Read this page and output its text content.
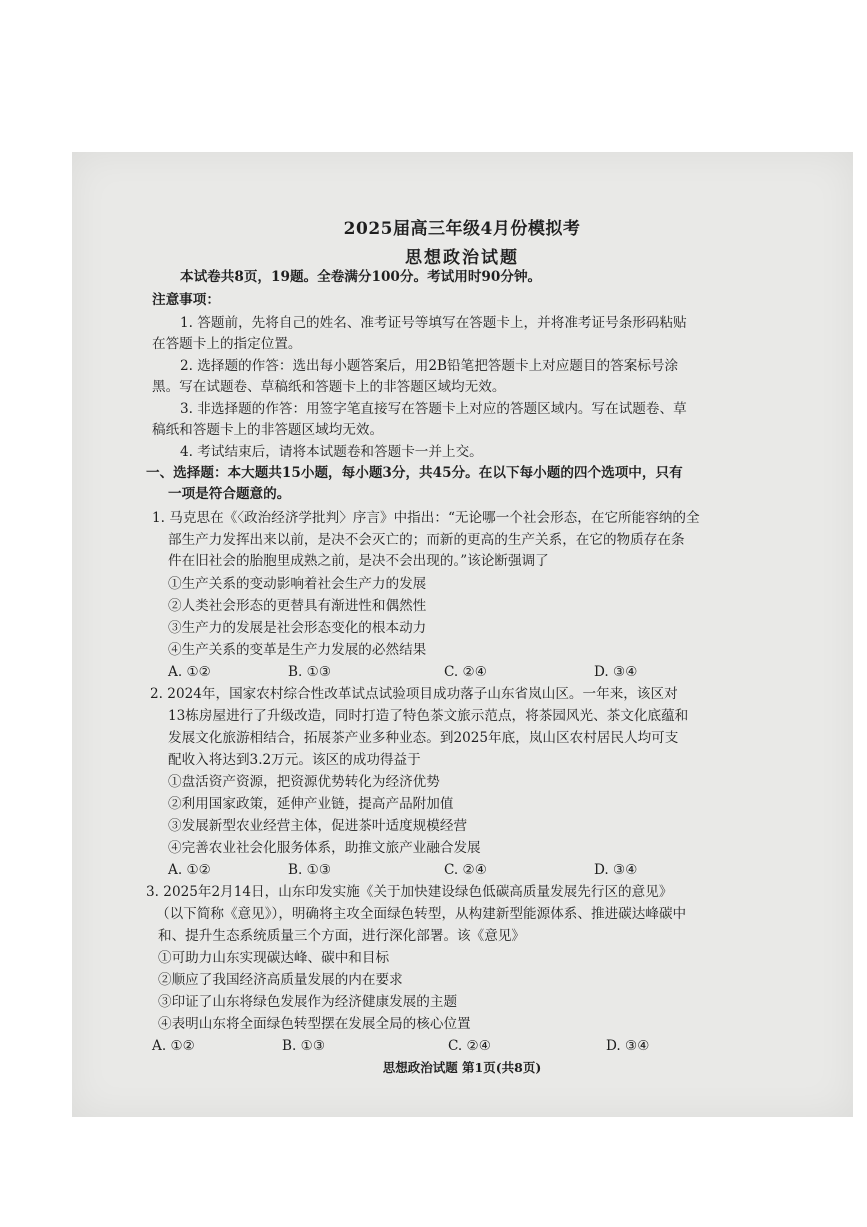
2025届高三年级4月份模拟考
思想政治试题
本试卷共8页，19题。全卷满分100分。考试用时90分钟。
注意事项：
1. 答题前，先将自己的姓名、准考证号等填写在答题卡上，并将准考证号条形码粘贴
在答题卡上的指定位置。
2. 选择题的作答：选出每小题答案后，用2B铅笔把答题卡上对应题目的答案标号涂
黑。写在试题卷、草稿纸和答题卡上的非答题区域均无效。
3. 非选择题的作答：用签字笔直接写在答题卡上对应的答题区域内。写在试题卷、草
稿纸和答题卡上的非答题区域均无效。
4. 考试结束后，请将本试题卷和答题卡一并上交。
一、选择题：本大题共15小题，每小题3分，共45分。在以下每小题的四个选项中，只有
一项是符合题意的。
1. 马克思在《〈政治经济学批判〉序言》中指出：“无论哪一个社会形态，在它所能容纳的全
部生产力发挥出来以前，是决不会灭亡的；而新的更高的生产关系，在它的物质存在条
件在旧社会的胎胞里成熟之前，是决不会出现的。”该论断强调了
①生产关系的变动影响着社会生产力的发展
②人类社会形态的更替具有渐进性和偶然性
③生产力的发展是社会形态变化的根本动力
④生产关系的变革是生产力发展的必然结果
A. ①②	B. ①③	C. ②④	D. ③④
2. 2024年，国家农村综合性改革试点试验项目成功落子山东省岚山区。一年来，该区对
13栋房屋进行了升级改造，同时打造了特色茶文旅示范点，将茶园风光、茶文化底蕴和
发展文化旅游相结合，拓展茶产业多种业态。到2025年底，岚山区农村居民人均可支
配收入将达到3.2万元。该区的成功得益于
①盘活资产资源，把资源优势转化为经济优势
②利用国家政策，延伸产业链，提高产品附加值
③发展新型农业经营主体，促进茶叶适度规模经营
④完善农业社会化服务体系，助推文旅产业融合发展
A. ①②	B. ①③	C. ②④	D. ③④
3. 2025年2月14日，山东印发实施《关于加快建设绿色低碳高质量发展先行区的意见》
（以下简称《意见》），明确将主攻全面绿色转型，从构建新型能源体系、推进碳达峰碳中
和、提升生态系统质量三个方面，进行深化部署。该《意见》
①可助力山东实现碳达峰、碳中和目标
②顺应了我国经济高质量发展的内在要求
③印证了山东将绿色发展作为经济健康发展的主题
④表明山东将全面绿色转型摆在发展全局的核心位置
A. ①②	B. ①③	C. ②④	D. ③④
思想政治试题 第1页(共8页)
